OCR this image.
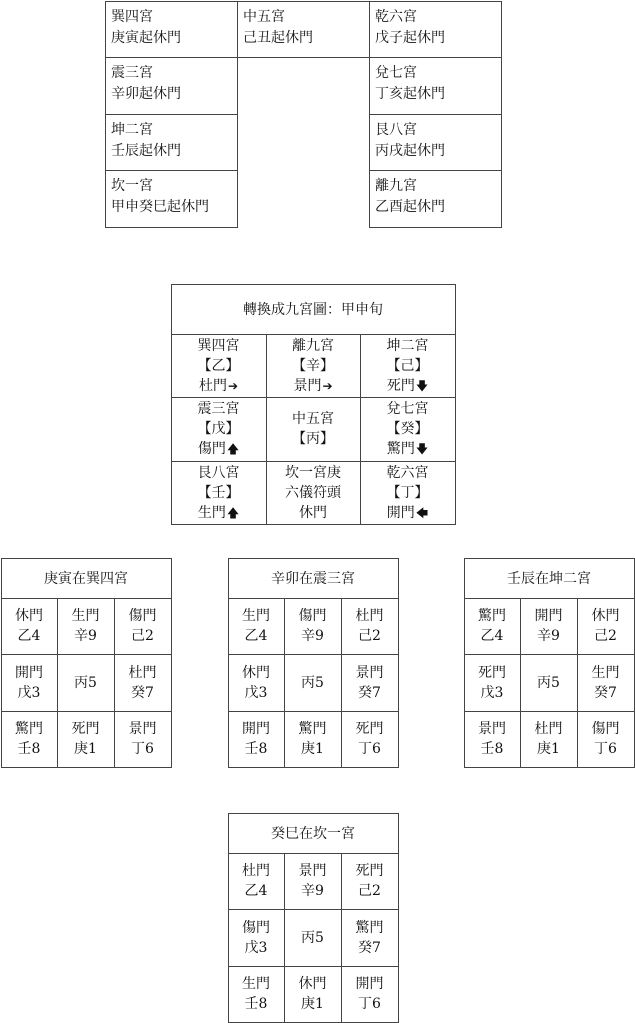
巽四宮
庚寅起休門
乾六宮
戊子起休門
震三宮
辛卯起休門
兌七宮
丁亥起休門
坤二宮
壬辰起休門
艮八宮
丙戌起休門
坎一宮
甲申癸巳起休門
離九宮
乙酉起休門
中五宮
己丑起休門
轉換成九宮圖：甲申旬
巽四宮
【乙】
杜門➔
離九宮
【辛】
景門➔
坤二宮
【己】
死門🡇
震三宮
【戊】
傷門🡅
中五宮
【丙】
兌七宮
【癸】
驚門🡇
艮八宮
【壬】
生門🡅
坎一宮庚
六儀符頭
休門
乾六宮
【丁】
開門🡄
庚寅在巽四宮
休門
乙4
生門
辛9
傷門
己2
開門
戊3
丙5
杜門
癸7
驚門
壬8
死門
庚1
景門
丁6
辛卯在震三宮
生門
乙4
傷門
辛9
杜門
己2
休門
戊3
丙5
景門
癸7
開門
壬8
驚門
庚1
死門
丁6
壬辰在坤二宮
驚門
乙4
開門
辛9
休門
己2
死門
戊3
丙5
生門
癸7
景門
壬8
杜門
庚1
傷門
丁6
癸巳在坎一宮
杜門
乙4
景門
辛9
死門
己2
傷門
戊3
丙5
驚門
癸7
生門
壬8
休門
庚1
開門
丁6
